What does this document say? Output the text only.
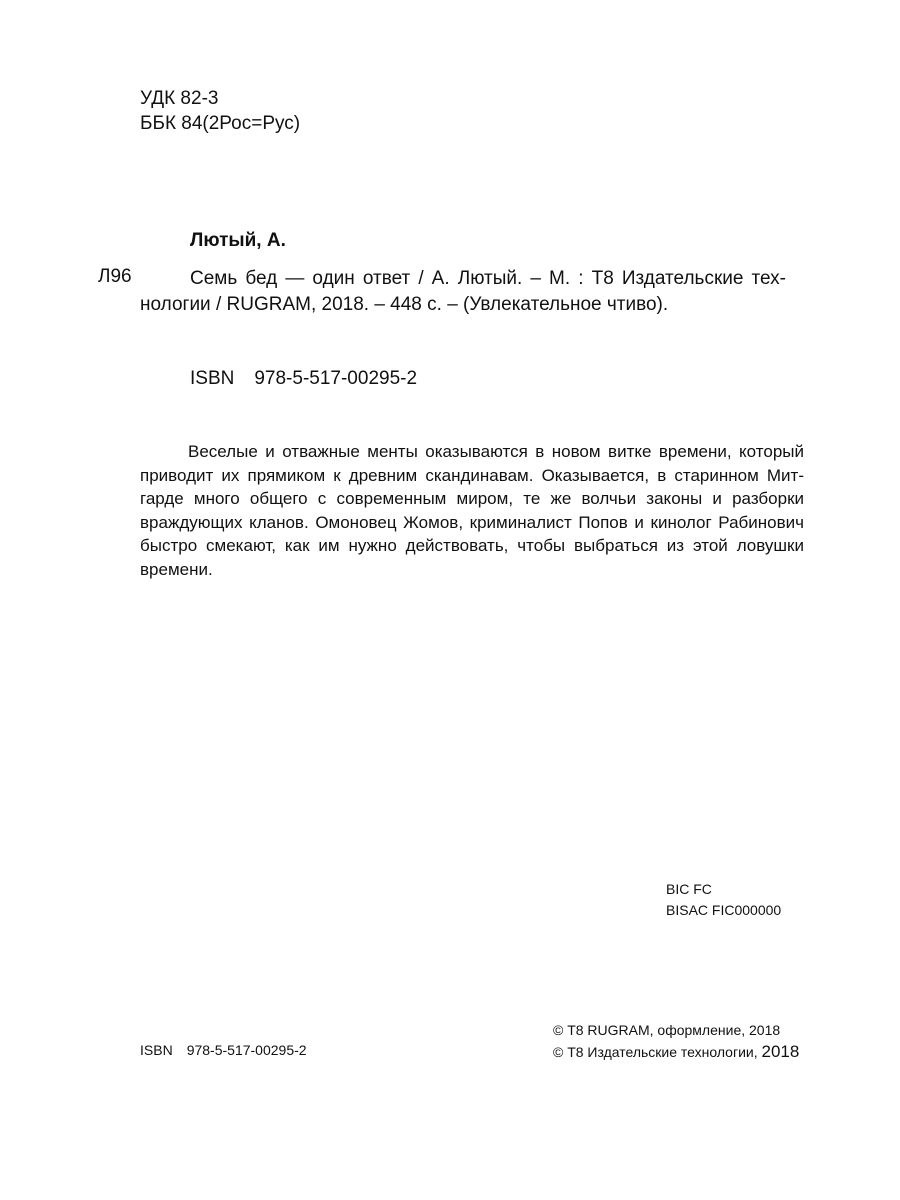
УДК 82-3
ББК 84(2Рос=Рус)
Лютый, А.
Л96	Семь бед — один ответ / А. Лютый. – М. : Т8 Издательские тех-
нологии / RUGRAM, 2018. – 448 с. – (Увлекательное чтиво).
ISBN 978-5-517-00295-2
Веселые и отважные менты оказываются в новом витке времени, который
приводит их прямиком к древним скандинавам. Оказывается, в старинном Мит-
гарде много общего с современным миром, те же волчьи законы и разборки
враждующих кланов. Омоновец Жомов, криминалист Попов и кинолог Рабинович
быстро смекают, как им нужно действовать, чтобы выбраться из этой ловушки
времени.
BIC FC
BISAC FIC000000
ISBN 978-5-517-00295-2
© Т8 RUGRAM, оформление, 2018
© Т8 Издательские технологии, 2018
